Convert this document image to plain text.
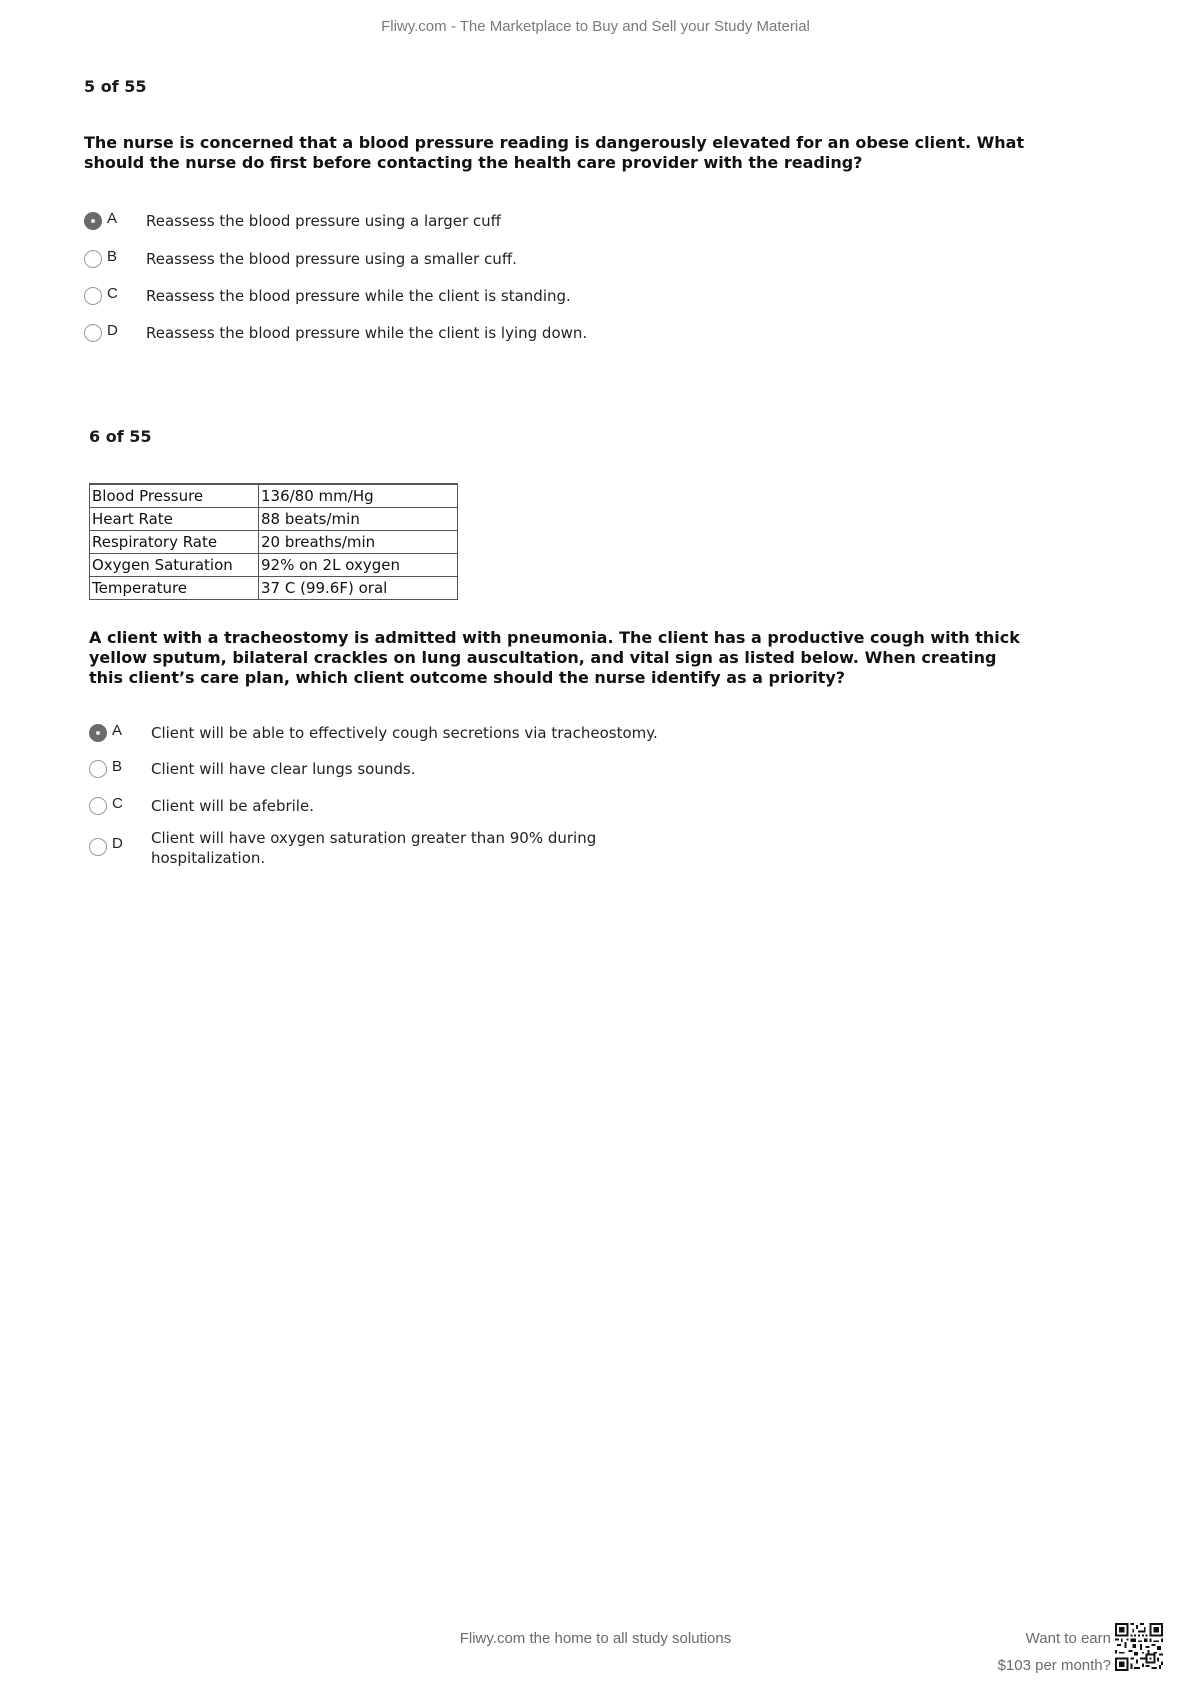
Fliwy.com - The Marketplace to Buy and Sell your Study Material
5 of 55
The nurse is concerned that a blood pressure reading is dangerously elevated for an obese client. What
should the nurse do first before contacting the health care provider with the reading?
A Reassess the blood pressure using a larger cuff
B Reassess the blood pressure using a smaller cuff.
C Reassess the blood pressure while the client is standing.
D Reassess the blood pressure while the client is lying down.
6 of 55
Blood Pressure	136/80 mm/Hg
Heart Rate	88 beats/min
Respiratory Rate	20 breaths/min
Oxygen Saturation	92% on 2L oxygen
Temperature	37 C (99.6F) oral
A client with a tracheostomy is admitted with pneumonia. The client has a productive cough with thick
yellow sputum, bilateral crackles on lung auscultation, and vital sign as listed below. When creating
this client’s care plan, which client outcome should the nurse identify as a priority?
A Client will be able to effectively cough secretions via tracheostomy.
B Client will have clear lungs sounds.
C Client will be afebrile.
D Client will have oxygen saturation greater than 90% during
hospitalization.
Fliwy.com the home to all study solutions	Want to earn
$103 per month?
